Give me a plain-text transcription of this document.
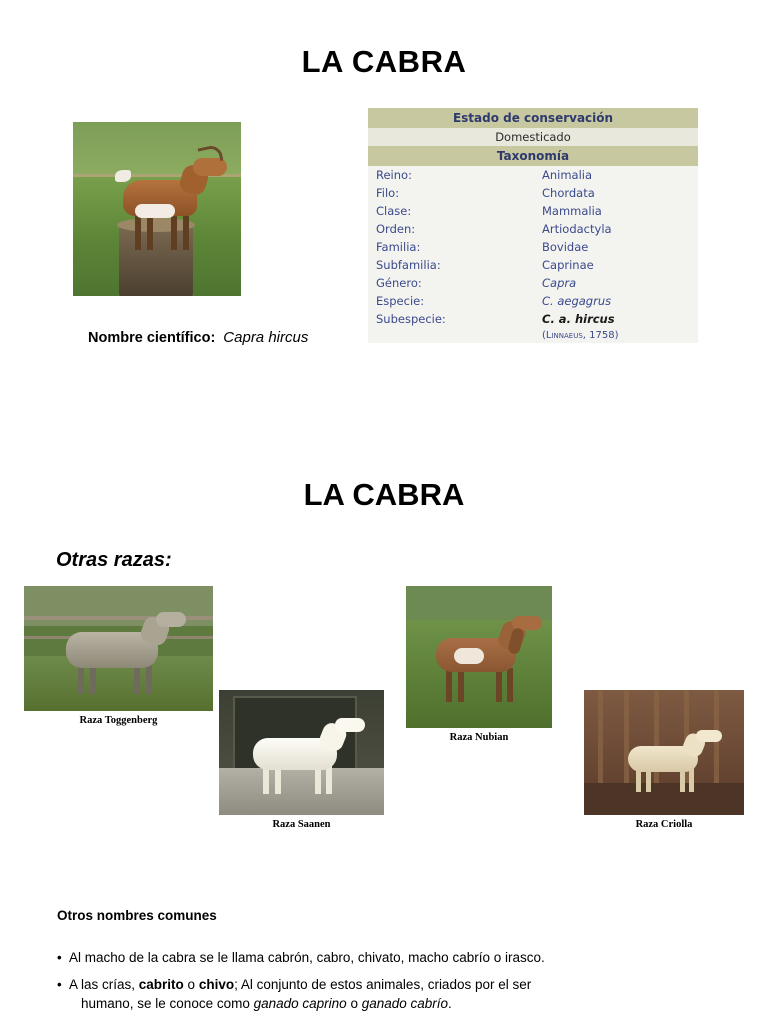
LA CABRA
Estado de conservación	
Domesticado	
Taxonomía	
Reino:	Animalia
Filo:	Chordata
Clase:	Mammalia
Orden:	Artiodactyla
Familia:	Bovidae
Subfamilia:	Caprinae
Género:	Capra
Especie:	C. aegagrus
Subespecie:	C. a. hircus
	(Linnaeus, 1758)
Nombre científico: Capra hircus
LA CABRA
Otras razas:
Raza Toggenberg
Raza Saanen
Raza Nubian
Raza Criolla
Otros nombres comunes
• Al macho de la cabra se le llama cabrón, cabro, chivato, macho cabrío o irasco.
• A las crías, cabrito o chivo; Al conjunto de estos animales, criados por el ser
humano, se le conoce como ganado caprino o ganado cabrío.
